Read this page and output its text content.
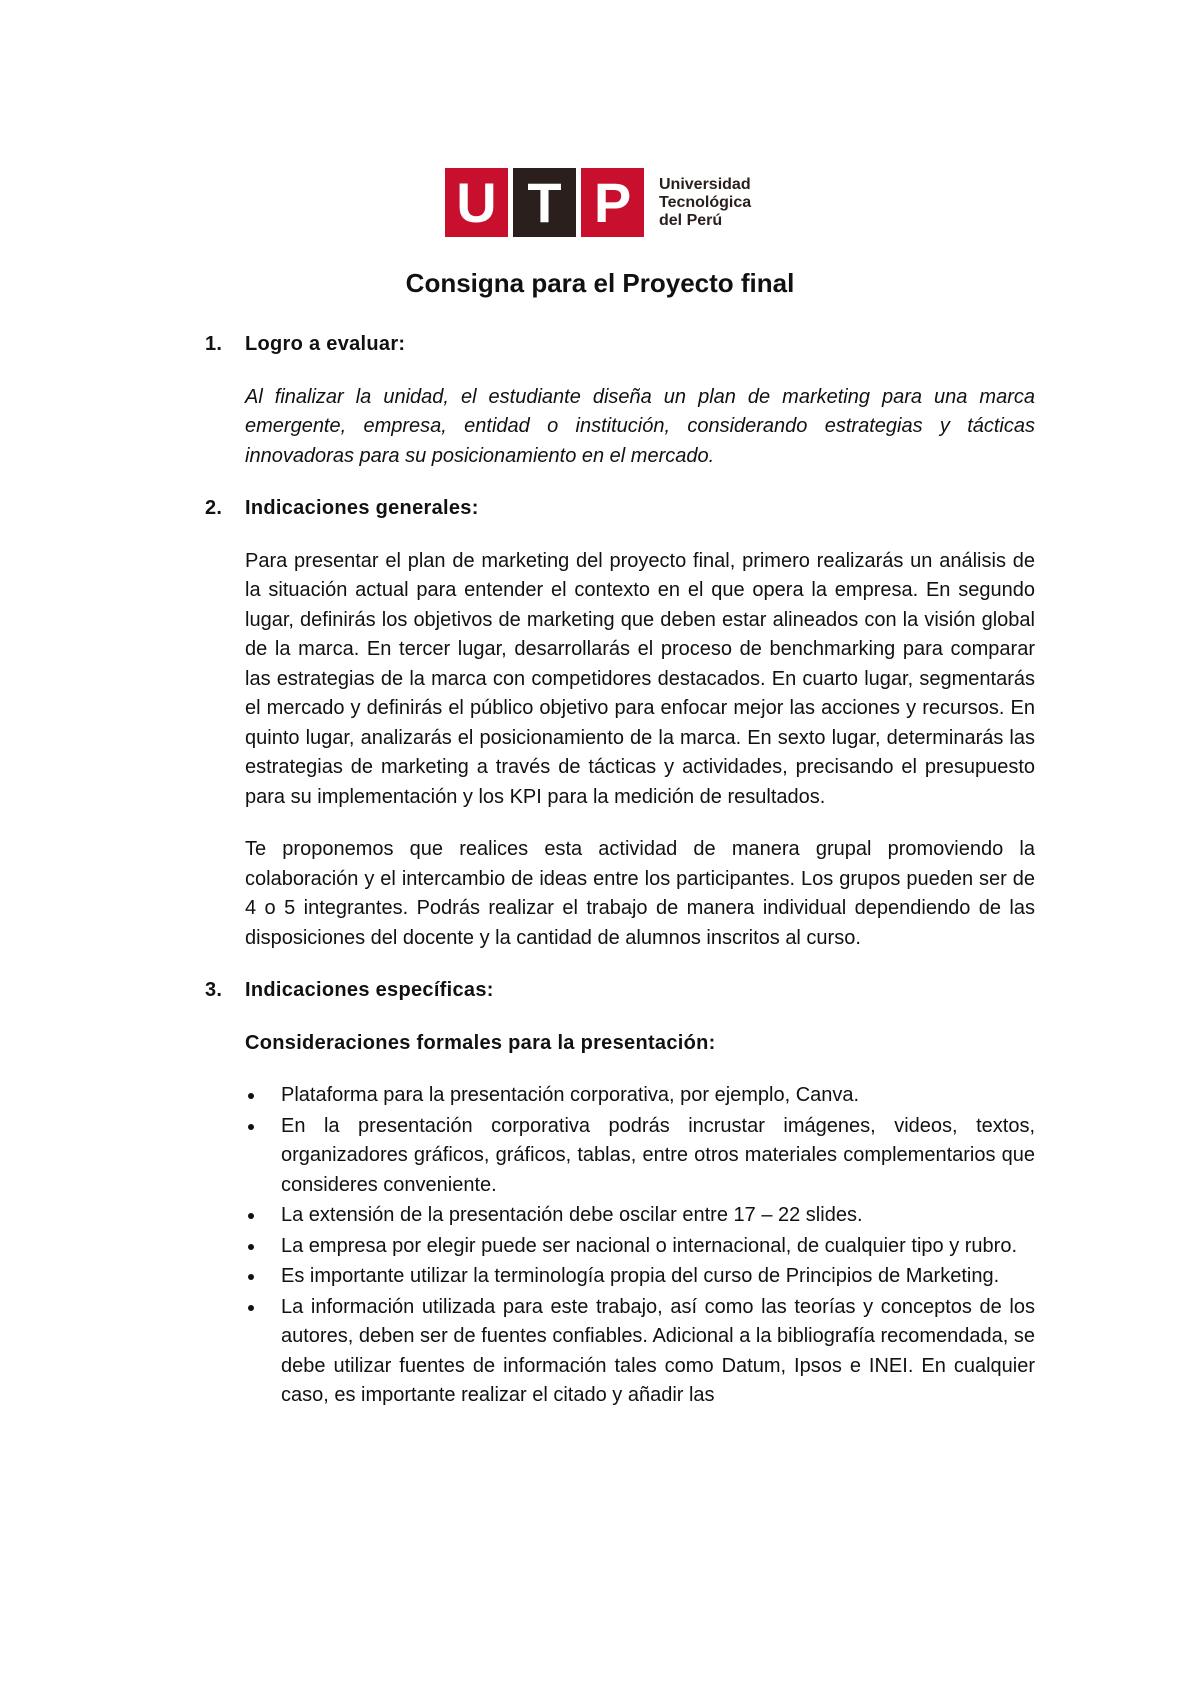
U T P	Universidad
Tecnológica
del Perú
Consigna para el Proyecto final
1.	Logro a evaluar:
Al finalizar la unidad, el estudiante diseña un plan de marketing para una marca emergente, empresa, entidad o institución, considerando estrategias y tácticas innovadoras para su posicionamiento en el mercado.
2.	Indicaciones generales:

Para presentar el plan de marketing del proyecto final, primero realizarás un análisis de la situación actual para entender el contexto en el que opera la empresa. En segundo lugar, definirás los objetivos de marketing que deben estar alineados con la visión global de la marca. En tercer lugar, desarrollarás el proceso de benchmarking para comparar las estrategias de la marca con competidores destacados. En cuarto lugar, segmentarás el mercado y definirás el público objetivo para enfocar mejor las acciones y recursos. En quinto lugar, analizarás el posicionamiento de la marca. En sexto lugar, determinarás las estrategias de marketing a través de tácticas y actividades, precisando el presupuesto para su implementación y los KPI para la medición de resultados.

Te proponemos que realices esta actividad de manera grupal promoviendo la colaboración y el intercambio de ideas entre los participantes. Los grupos pueden ser de 4 o 5 integrantes. Podrás realizar el trabajo de manera individual dependiendo de las disposiciones del docente y la cantidad de alumnos inscritos al curso.

3.	Indicaciones específicas:
Consideraciones formales para la presentación:
Plataforma para la presentación corporativa, por ejemplo, Canva.
En la presentación corporativa podrás incrustar imágenes, videos, textos, organizadores gráficos, gráficos, tablas, entre otros materiales complementarios que consideres conveniente.
La extensión de la presentación debe oscilar entre 17 – 22 slides.
La empresa por elegir puede ser nacional o internacional, de cualquier tipo y rubro.
Es importante utilizar la terminología propia del curso de Principios de Marketing.
La información utilizada para este trabajo, así como las teorías y conceptos de los autores, deben ser de fuentes confiables. Adicional a la bibliografía recomendada, se debe utilizar fuentes de información tales como Datum, Ipsos e INEI. En cualquier caso, es importante realizar el citado y añadir las
